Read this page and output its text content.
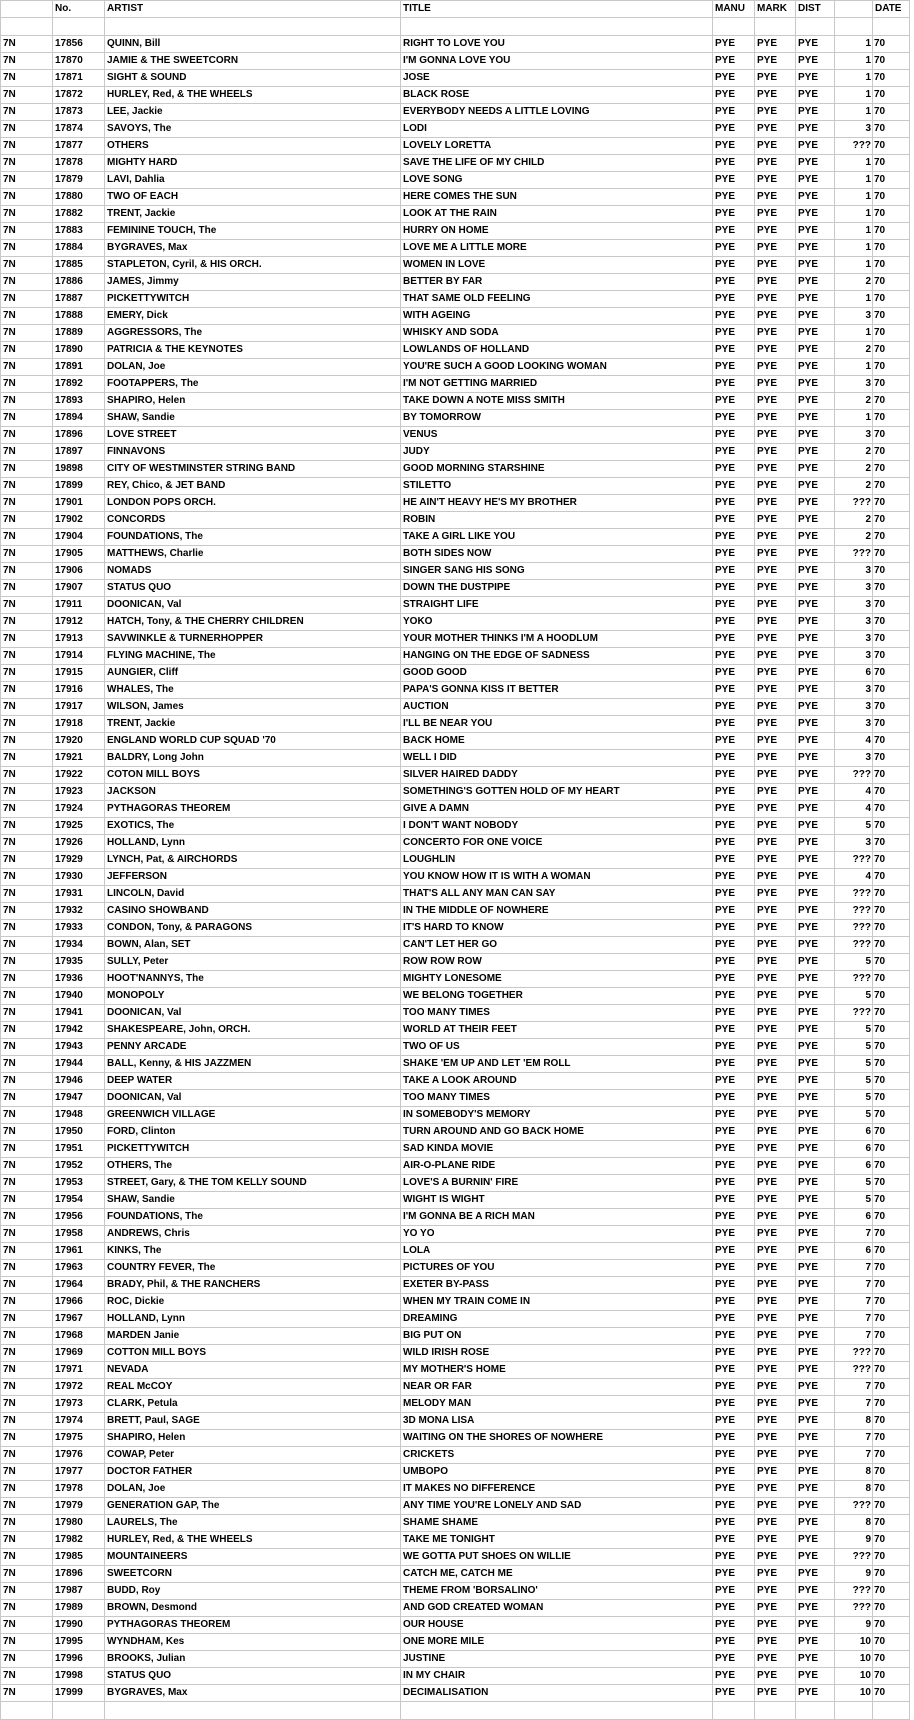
	No.	ARTIST	TITLE	MANU	MARK	DIST		DATE

7N	17856	QUINN, Bill	RIGHT TO LOVE YOU	PYE	PYE	PYE	1	70
7N	17870	JAMIE & THE SWEETCORN	I'M GONNA LOVE YOU	PYE	PYE	PYE	1	70
7N	17871	SIGHT & SOUND	JOSE	PYE	PYE	PYE	1	70
7N	17872	HURLEY, Red, & THE WHEELS	BLACK ROSE	PYE	PYE	PYE	1	70
7N	17873	LEE, Jackie	EVERYBODY NEEDS A LITTLE LOVING	PYE	PYE	PYE	1	70
7N	17874	SAVOYS, The	LODI	PYE	PYE	PYE	3	70
7N	17877	OTHERS	LOVELY LORETTA	PYE	PYE	PYE	???	70
7N	17878	MIGHTY HARD	SAVE THE LIFE OF MY CHILD	PYE	PYE	PYE	1	70
7N	17879	LAVI, Dahlia	LOVE SONG	PYE	PYE	PYE	1	70
7N	17880	TWO OF EACH	HERE COMES THE SUN	PYE	PYE	PYE	1	70
7N	17882	TRENT, Jackie	LOOK AT THE RAIN	PYE	PYE	PYE	1	70
7N	17883	FEMININE TOUCH, The	HURRY ON HOME	PYE	PYE	PYE	1	70
7N	17884	BYGRAVES, Max	LOVE ME A LITTLE MORE	PYE	PYE	PYE	1	70
7N	17885	STAPLETON, Cyril, & HIS ORCH.	WOMEN IN LOVE	PYE	PYE	PYE	1	70
7N	17886	JAMES, Jimmy	BETTER BY FAR	PYE	PYE	PYE	2	70
7N	17887	PICKETTYWITCH	THAT SAME OLD FEELING	PYE	PYE	PYE	1	70
7N	17888	EMERY, Dick	WITH AGEING	PYE	PYE	PYE	3	70
7N	17889	AGGRESSORS, The	WHISKY AND SODA	PYE	PYE	PYE	1	70
7N	17890	PATRICIA & THE KEYNOTES	LOWLANDS OF HOLLAND	PYE	PYE	PYE	2	70
7N	17891	DOLAN, Joe	YOU'RE SUCH A GOOD LOOKING WOMAN	PYE	PYE	PYE	1	70
7N	17892	FOOTAPPERS, The	I'M NOT GETTING MARRIED	PYE	PYE	PYE	3	70
7N	17893	SHAPIRO, Helen	TAKE DOWN A NOTE MISS SMITH	PYE	PYE	PYE	2	70
7N	17894	SHAW, Sandie	BY TOMORROW	PYE	PYE	PYE	1	70
7N	17896	LOVE STREET	VENUS	PYE	PYE	PYE	3	70
7N	17897	FINNAVONS	JUDY	PYE	PYE	PYE	2	70
7N	19898	CITY OF WESTMINSTER STRING BAND	GOOD MORNING STARSHINE	PYE	PYE	PYE	2	70
7N	17899	REY, Chico, & JET BAND	STILETTO	PYE	PYE	PYE	2	70
7N	17901	LONDON POPS ORCH.	HE AIN'T HEAVY HE'S MY BROTHER	PYE	PYE	PYE	???	70
7N	17902	CONCORDS	ROBIN	PYE	PYE	PYE	2	70
7N	17904	FOUNDATIONS, The	TAKE A GIRL LIKE YOU	PYE	PYE	PYE	2	70
7N	17905	MATTHEWS, Charlie	BOTH SIDES NOW	PYE	PYE	PYE	???	70
7N	17906	NOMADS	SINGER SANG HIS SONG	PYE	PYE	PYE	3	70
7N	17907	STATUS QUO	DOWN THE DUSTPIPE	PYE	PYE	PYE	3	70
7N	17911	DOONICAN, Val	STRAIGHT LIFE	PYE	PYE	PYE	3	70
7N	17912	HATCH, Tony, & THE CHERRY CHILDREN	YOKO	PYE	PYE	PYE	3	70
7N	17913	SAVWINKLE & TURNERHOPPER	YOUR MOTHER THINKS I'M A HOODLUM	PYE	PYE	PYE	3	70
7N	17914	FLYING MACHINE, The	HANGING ON THE EDGE OF SADNESS	PYE	PYE	PYE	3	70
7N	17915	AUNGIER, Cliff	GOOD GOOD	PYE	PYE	PYE	6	70
7N	17916	WHALES, The	PAPA'S GONNA KISS IT BETTER	PYE	PYE	PYE	3	70
7N	17917	WILSON, James	AUCTION	PYE	PYE	PYE	3	70
7N	17918	TRENT, Jackie	I'LL BE NEAR YOU	PYE	PYE	PYE	3	70
7N	17920	ENGLAND WORLD CUP SQUAD '70	BACK HOME	PYE	PYE	PYE	4	70
7N	17921	BALDRY, Long John	WELL I DID	PYE	PYE	PYE	3	70
7N	17922	COTON MILL BOYS	SILVER HAIRED DADDY	PYE	PYE	PYE	???	70
7N	17923	JACKSON	SOMETHING'S GOTTEN HOLD OF MY HEART	PYE	PYE	PYE	4	70
7N	17924	PYTHAGORAS THEOREM	GIVE A DAMN	PYE	PYE	PYE	4	70
7N	17925	EXOTICS, The	I DON'T WANT NOBODY	PYE	PYE	PYE	5	70
7N	17926	HOLLAND, Lynn	CONCERTO FOR ONE VOICE	PYE	PYE	PYE	3	70
7N	17929	LYNCH, Pat, & AIRCHORDS	LOUGHLIN	PYE	PYE	PYE	???	70
7N	17930	JEFFERSON	YOU KNOW HOW IT IS WITH A WOMAN	PYE	PYE	PYE	4	70
7N	17931	LINCOLN, David	THAT'S ALL ANY MAN CAN SAY	PYE	PYE	PYE	???	70
7N	17932	CASINO SHOWBAND	IN THE MIDDLE OF NOWHERE	PYE	PYE	PYE	???	70
7N	17933	CONDON, Tony, & PARAGONS	IT'S HARD TO KNOW	PYE	PYE	PYE	???	70
7N	17934	BOWN, Alan, SET	CAN'T LET HER GO	PYE	PYE	PYE	???	70
7N	17935	SULLY, Peter	ROW ROW ROW	PYE	PYE	PYE	5	70
7N	17936	HOOT'NANNYS, The	MIGHTY LONESOME	PYE	PYE	PYE	???	70
7N	17940	MONOPOLY	WE BELONG TOGETHER	PYE	PYE	PYE	5	70
7N	17941	DOONICAN, Val	TOO MANY TIMES	PYE	PYE	PYE	???	70
7N	17942	SHAKESPEARE, John, ORCH.	WORLD AT THEIR FEET	PYE	PYE	PYE	5	70
7N	17943	PENNY ARCADE	TWO OF US	PYE	PYE	PYE	5	70
7N	17944	BALL, Kenny, & HIS JAZZMEN	SHAKE 'EM UP AND LET 'EM ROLL	PYE	PYE	PYE	5	70
7N	17946	DEEP WATER	TAKE A LOOK AROUND	PYE	PYE	PYE	5	70
7N	17947	DOONICAN, Val	TOO MANY TIMES	PYE	PYE	PYE	5	70
7N	17948	GREENWICH VILLAGE	IN SOMEBODY'S MEMORY	PYE	PYE	PYE	5	70
7N	17950	FORD, Clinton	TURN AROUND AND GO BACK HOME	PYE	PYE	PYE	6	70
7N	17951	PICKETTYWITCH	SAD KINDA MOVIE	PYE	PYE	PYE	6	70
7N	17952	OTHERS, The	AIR-O-PLANE RIDE	PYE	PYE	PYE	6	70
7N	17953	STREET, Gary, & THE TOM KELLY SOUND	LOVE'S A BURNIN' FIRE	PYE	PYE	PYE	5	70
7N	17954	SHAW, Sandie	WIGHT IS WIGHT	PYE	PYE	PYE	5	70
7N	17956	FOUNDATIONS, The	I'M GONNA BE A RICH MAN	PYE	PYE	PYE	6	70
7N	17958	ANDREWS, Chris	YO YO	PYE	PYE	PYE	7	70
7N	17961	KINKS, The	LOLA	PYE	PYE	PYE	6	70
7N	17963	COUNTRY FEVER, The	PICTURES OF YOU	PYE	PYE	PYE	7	70
7N	17964	BRADY, Phil, & THE RANCHERS	EXETER BY-PASS	PYE	PYE	PYE	7	70
7N	17966	ROC, Dickie	WHEN MY TRAIN COME IN	PYE	PYE	PYE	7	70
7N	17967	HOLLAND, Lynn	DREAMING	PYE	PYE	PYE	7	70
7N	17968	MARDEN Janie	BIG PUT ON	PYE	PYE	PYE	7	70
7N	17969	COTTON MILL BOYS	WILD IRISH ROSE	PYE	PYE	PYE	???	70
7N	17971	NEVADA	MY MOTHER'S HOME	PYE	PYE	PYE	???	70
7N	17972	REAL McCOY	NEAR OR FAR	PYE	PYE	PYE	7	70
7N	17973	CLARK, Petula	MELODY MAN	PYE	PYE	PYE	7	70
7N	17974	BRETT, Paul, SAGE	3D MONA LISA	PYE	PYE	PYE	8	70
7N	17975	SHAPIRO, Helen	WAITING ON THE SHORES OF NOWHERE	PYE	PYE	PYE	7	70
7N	17976	COWAP, Peter	CRICKETS	PYE	PYE	PYE	7	70
7N	17977	DOCTOR FATHER	UMBOPO	PYE	PYE	PYE	8	70
7N	17978	DOLAN, Joe	IT MAKES NO DIFFERENCE	PYE	PYE	PYE	8	70
7N	17979	GENERATION GAP, The	ANY TIME YOU'RE LONELY AND SAD	PYE	PYE	PYE	???	70
7N	17980	LAURELS, The	SHAME SHAME	PYE	PYE	PYE	8	70
7N	17982	HURLEY, Red, & THE WHEELS	TAKE ME TONIGHT	PYE	PYE	PYE	9	70
7N	17985	MOUNTAINEERS	WE GOTTA PUT SHOES ON WILLIE	PYE	PYE	PYE	???	70
7N	17896	SWEETCORN	CATCH ME, CATCH ME	PYE	PYE	PYE	9	70
7N	17987	BUDD, Roy	THEME FROM 'BORSALINO'	PYE	PYE	PYE	???	70
7N	17989	BROWN, Desmond	AND GOD CREATED WOMAN	PYE	PYE	PYE	???	70
7N	17990	PYTHAGORAS THEOREM	OUR HOUSE	PYE	PYE	PYE	9	70
7N	17995	WYNDHAM, Kes	ONE MORE MILE	PYE	PYE	PYE	10	70
7N	17996	BROOKS, Julian	JUSTINE	PYE	PYE	PYE	10	70
7N	17998	STATUS QUO	IN MY CHAIR	PYE	PYE	PYE	10	70
7N	17999	BYGRAVES, Max	DECIMALISATION	PYE	PYE	PYE	10	70
